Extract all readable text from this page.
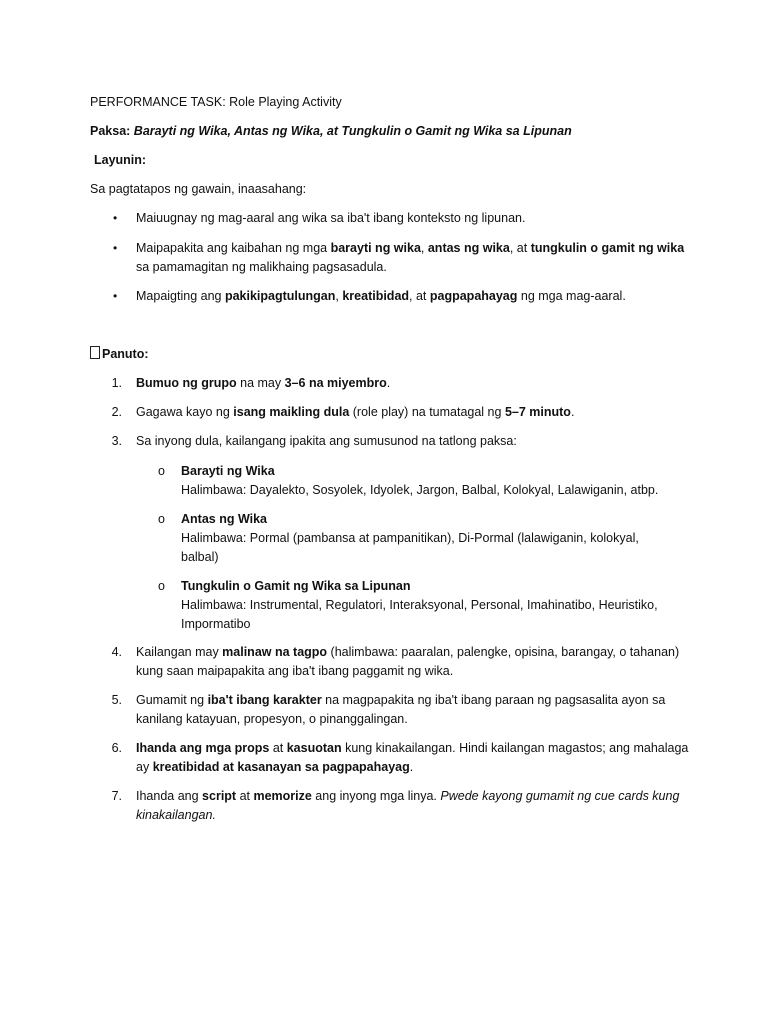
PERFORMANCE TASK: Role Playing Activity
Paksa: Barayti ng Wika, Antas ng Wika, at Tungkulin o Gamit ng Wika sa Lipunan
Layunin:
Sa pagtatapos ng gawain, inaasahang:
•	Maiuugnay ng mag-aaral ang wika sa iba't ibang konteksto ng lipunan.
•	Maipapakita ang kaibahan ng mga barayti ng wika, antas ng wika, at tungkulin o gamit ng wika
sa pamamagitan ng malikhaing pagsasadula.
•	Mapaigting ang pakikipagtulungan, kreatibidad, at pagpapahayag ng mga mag-aaral.
Panuto:
1. Bumuo ng grupo na may 3–6 na miyembro.
2. Gagawa kayo ng isang maikling dula (role play) na tumatagal ng 5–7 minuto.
3. Sa inyong dula, kailangang ipakita ang sumusunod na tatlong paksa:
o Barayti ng Wika
Halimbawa: Dayalekto, Sosyolek, Idyolek, Jargon, Balbal, Kolokyal, Lalawiganin, atbp.
o Antas ng Wika
Halimbawa: Pormal (pambansa at pampanitikan), Di-Pormal (lalawiganin, kolokyal,
balbal)
o Tungkulin o Gamit ng Wika sa Lipunan
Halimbawa: Instrumental, Regulatori, Interaksyonal, Personal, Imahinatibo, Heuristiko,
Impormatibo
4. Kailangan may malinaw na tagpo (halimbawa: paaralan, palengke, opisina, barangay, o tahanan)
kung saan maipapakita ang iba't ibang paggamit ng wika.
5. Gumamit ng iba't ibang karakter na magpapakita ng iba't ibang paraan ng pagsasalita ayon sa
kanilang katayuan, propesyon, o pinanggalingan.
6. Ihanda ang mga props at kasuotan kung kinakailangan. Hindi kailangan magastos; ang mahalaga
ay kreatibidad at kasanayan sa pagpapahayag.
7. Ihanda ang script at memorize ang inyong mga linya. Pwede kayong gumamit ng cue cards kung
kinakailangan.
